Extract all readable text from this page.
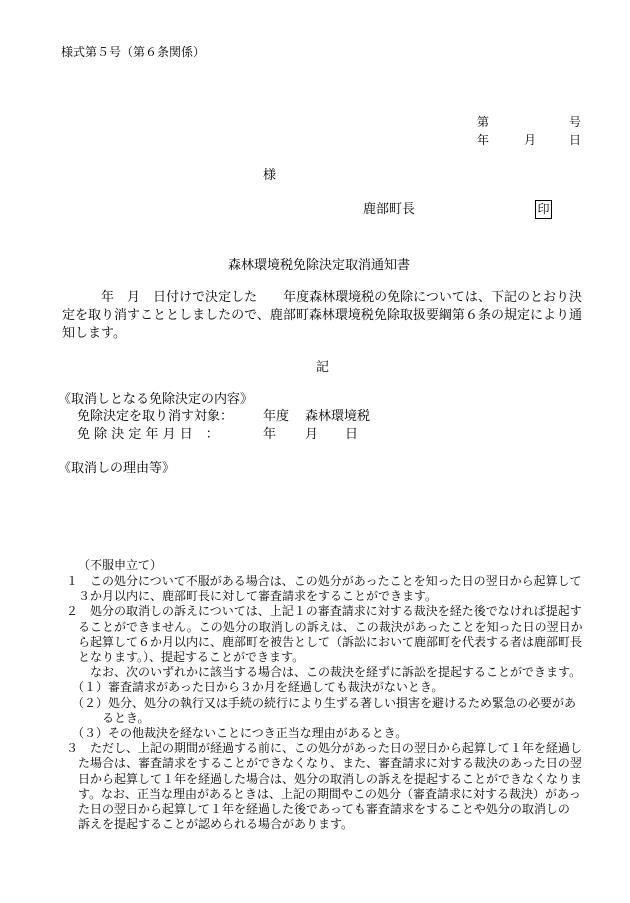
様式第５号（第６条関係）
第	号
年	月	日
様
鹿部町長	印
森林環境税免除決定取消通知書
年　月　日付けで決定した　　年度森林環境税の免除については、下記のとおり決定を取り消すこととしましたので、鹿部町森林環境税免除取扱要綱第６条の規定により通知します。
記
《取消しとなる免除決定の内容》
免除決定を取り消す対象： 年度 森林環境税
免 除 決 定 年 月 日　：	年 月 日
《取消しの理由等》
（不服申立て）
１　この処分について不服がある場合は、この処分があったことを知った日の翌日から起算して
　３か月以内に、鹿部町長に対して審査請求をすることができます。
２　処分の取消しの訴えについては、上記１の審査請求に対する裁決を経た後でなければ提起す
　ることができません。この処分の取消しの訴えは、この裁決があったことを知った日の翌日か
　ら起算して６か月以内に、鹿部町を被告として（訴訟において鹿部町を代表する者は鹿部町長
　となります。）、提起することができます。
　　なお、次のいずれかに該当する場合は、この裁決を経ずに訴訟を提起することができます。
　（１）審査請求があった日から３か月を経過しても裁決がないとき。
　（２）処分、処分の執行又は手続の続行により生ずる著しい損害を避けるため緊急の必要があ
　　　るとき。
　（３）その他裁決を経ないことにつき正当な理由があるとき。
３　ただし、上記の期間が経過する前に、この処分があった日の翌日から起算して１年を経過し
　た場合は、審査請求をすることができなくなり、また、審査請求に対する裁決のあった日の翌
　日から起算して１年を経過した場合は、処分の取消しの訴えを提起することができなくなりま
　す。なお、正当な理由があるときは、上記の期間やこの処分（審査請求に対する裁決）があっ
　た日の翌日から起算して１年を経過した後であっても審査請求をすることや処分の取消しの
　訴えを提起することが認められる場合があります。
